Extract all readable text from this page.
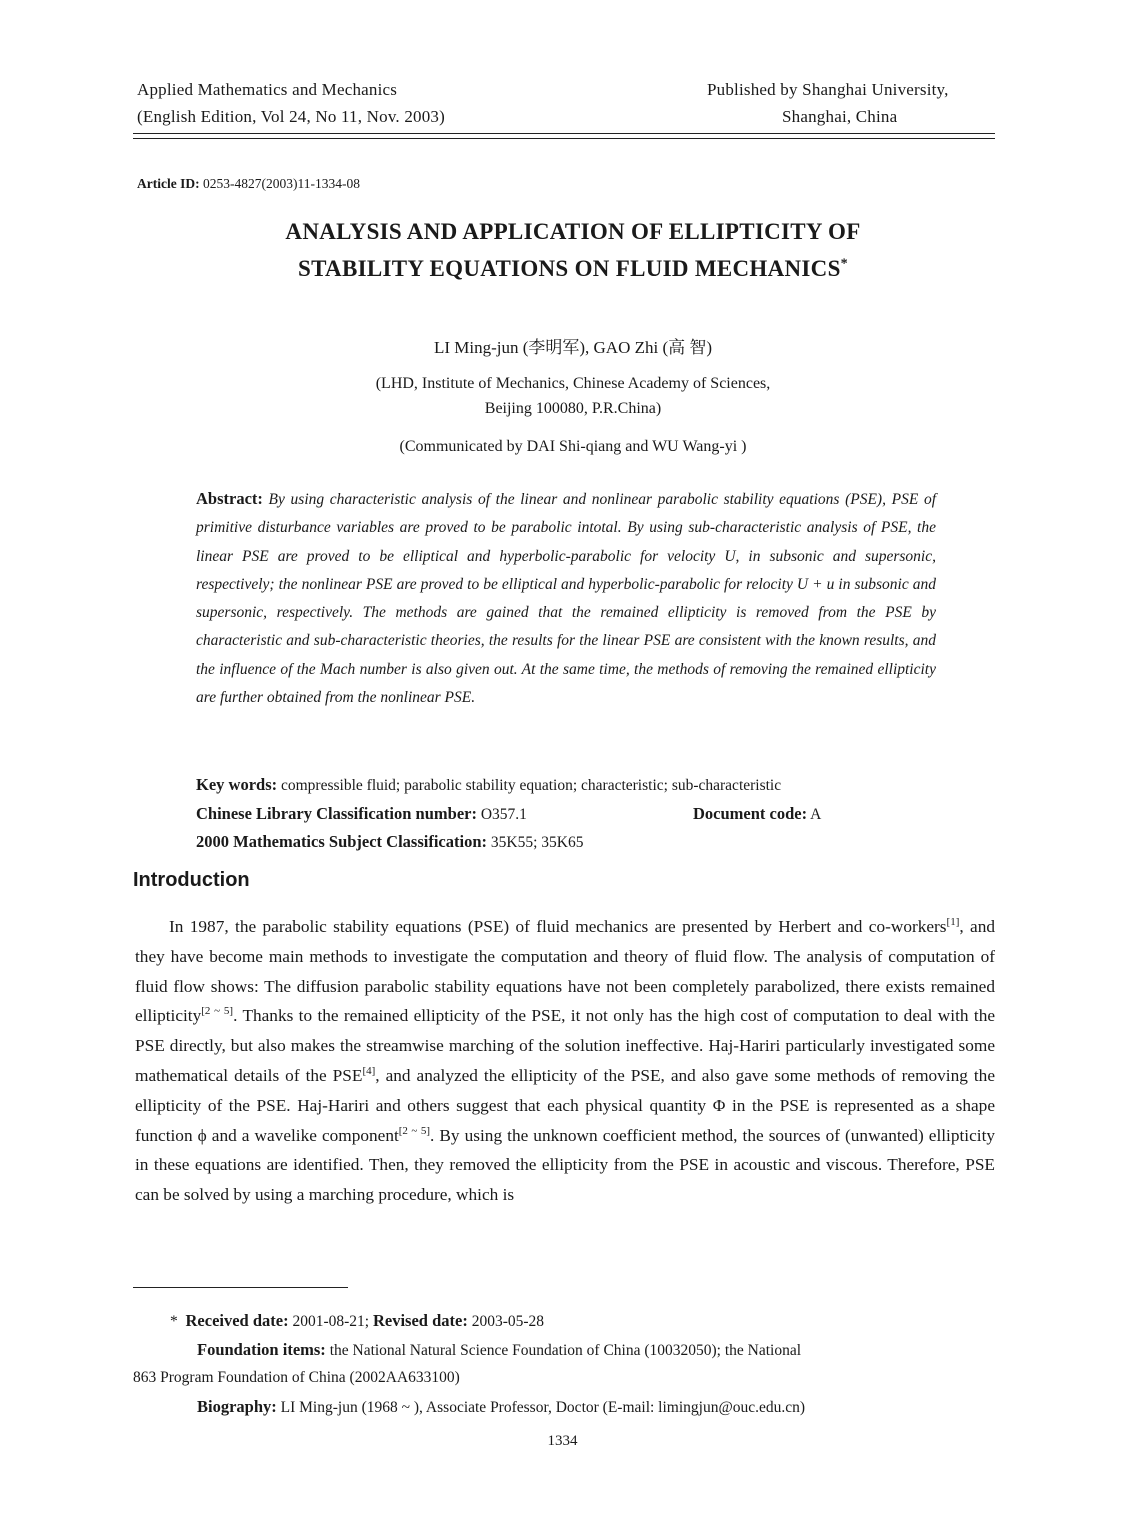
Applied Mathematics and Mechanics
(English Edition, Vol 24, No 11, Nov. 2003)
Published by Shanghai University,
Shanghai, China
Article ID: 0253-4827(2003)11-1334-08
ANALYSIS AND APPLICATION OF ELLIPTICITY OF
STABILITY EQUATIONS ON FLUID MECHANICS*
LI Ming-jun (李明军), GAO Zhi (高 智)
(LHD, Institute of Mechanics, Chinese Academy of Sciences,
Beijing 100080, P.R.China)
(Communicated by DAI Shi-qiang and WU Wang-yi )
Abstract: By using characteristic analysis of the linear and nonlinear parabolic stability equations (PSE), PSE of primitive disturbance variables are proved to be parabolic intotal. By using sub-characteristic analysis of PSE, the linear PSE are proved to be elliptical and hyperbolic-parabolic for velocity U, in subsonic and supersonic, respectively; the nonlinear PSE are proved to be elliptical and hyperbolic-parabolic for relocity U + u in subsonic and supersonic, respectively. The methods are gained that the remained ellipticity is removed from the PSE by characteristic and sub-characteristic theories, the results for the linear PSE are consistent with the known results, and the influence of the Mach number is also given out. At the same time, the methods of removing the remained ellipticity are further obtained from the nonlinear PSE.
Key words: compressible fluid; parabolic stability equation; characteristic; sub-characteristic
Chinese Library Classification number: O357.1	Document code: A
2000 Mathematics Subject Classification: 35K55; 35K65
Introduction

In 1987, the parabolic stability equations (PSE) of fluid mechanics are presented by Herbert and co-workers[1], and they have become main methods to investigate the computation and theory of fluid flow. The analysis of computation of fluid flow shows: The diffusion parabolic stability equations have not been completely parabolized, there exists remained ellipticity[2 ~ 5]. Thanks to the remained ellipticity of the PSE, it not only has the high cost of computation to deal with the PSE directly, but also makes the streamwise marching of the solution ineffective. Haj-Hariri particularly investigated some mathematical details of the PSE[4], and analyzed the ellipticity of the PSE, and also gave some methods of removing the ellipticity of the PSE. Haj-Hariri and others suggest that each physical quantity Φ in the PSE is represented as a shape function ϕ and a wavelike component[2 ~ 5]. By using the unknown coefficient method, the sources of (unwanted) ellipticity in these equations are identified. Then, they removed the ellipticity from the PSE in acoustic and viscous. Therefore, PSE can be solved by using a marching procedure, which is

* Received date: 2001-08-21; Revised date: 2003-05-28
Foundation items: the National Natural Science Foundation of China (10032050); the National
863 Program Foundation of China (2002AA633100)
Biography: LI Ming-jun (1968 ~ ), Associate Professor, Doctor (E-mail: limingjun@ouc.edu.cn)
1334
